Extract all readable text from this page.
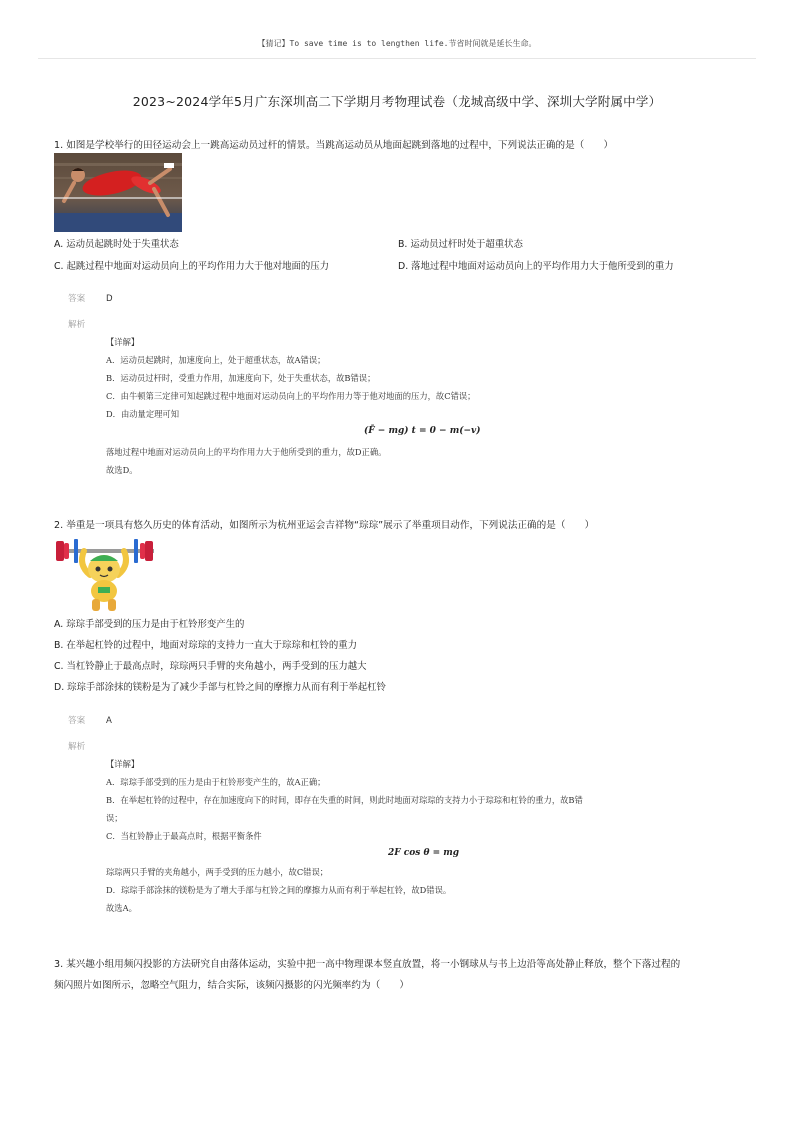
【猜记】To save time is to lengthen life.节省时间就是延长生命。
2023~2024学年5月广东深圳高二下学期月考物理试卷（龙城高级中学、深圳大学附属中学）
1. 如图是学校举行的田径运动会上一跳高运动员过杆的情景。当跳高运动员从地面起跳到落地的过程中，下列说法正确的是（　　）
A. 运动员起跳时处于失重状态	B. 运动员过杆时处于超重状态
C. 起跳过程中地面对运动员向上的平均作用力大于他对地面的压力	D. 落地过程中地面对运动员向上的平均作用力大于他所受到的重力
答案 D
解析
【详解】
A．运动员起跳时，加速度向上，处于超重状态，故A错误；
B．运动员过杆时，受重力作用，加速度向下，处于失重状态，故B错误；
C．由牛顿第三定律可知起跳过程中地面对运动员向上的平均作用力等于他对地面的压力，故C错误；
D．由动量定理可知
(F̄ − mg) t = 0 − m(−v)
落地过程中地面对运动员向上的平均作用力大于他所受到的重力，故D正确。
故选D。
2. 举重是一项具有悠久历史的体育活动，如图所示为杭州亚运会吉祥物“琮琮”展示了举重项目动作，下列说法正确的是（　　）
A. 琮琮手部受到的压力是由于杠铃形变产生的
B. 在举起杠铃的过程中，地面对琮琮的支持力一直大于琮琮和杠铃的重力
C. 当杠铃静止于最高点时，琮琮两只手臂的夹角越小，两手受到的压力越大
D. 琮琮手部涂抹的镁粉是为了减少手部与杠铃之间的摩擦力从而有利于举起杠铃
答案 A
解析
【详解】
A．琮琮手部受到的压力是由于杠铃形变产生的，故A正确；
B．在举起杠铃的过程中，存在加速度向下的时间，即存在失重的时间，则此时地面对琮琮的支持力小于琮琮和杠铃的重力，故B错
误；
C．当杠铃静止于最高点时，根据平衡条件
2F cos θ = mg
琮琮两只手臂的夹角越小，两手受到的压力越小，故C错误；
D．琮琮手部涂抹的镁粉是为了增大手部与杠铃之间的摩擦力从而有利于举起杠铃，故D错误。
故选A。
3. 某兴趣小组用频闪投影的方法研究自由落体运动，实验中把一高中物理课本竖直放置，将一小钢球从与书上边沿等高处静止释放，整个下落过程的
频闪照片如图所示，忽略空气阻力，结合实际，该频闪摄影的闪光频率约为（　　）
